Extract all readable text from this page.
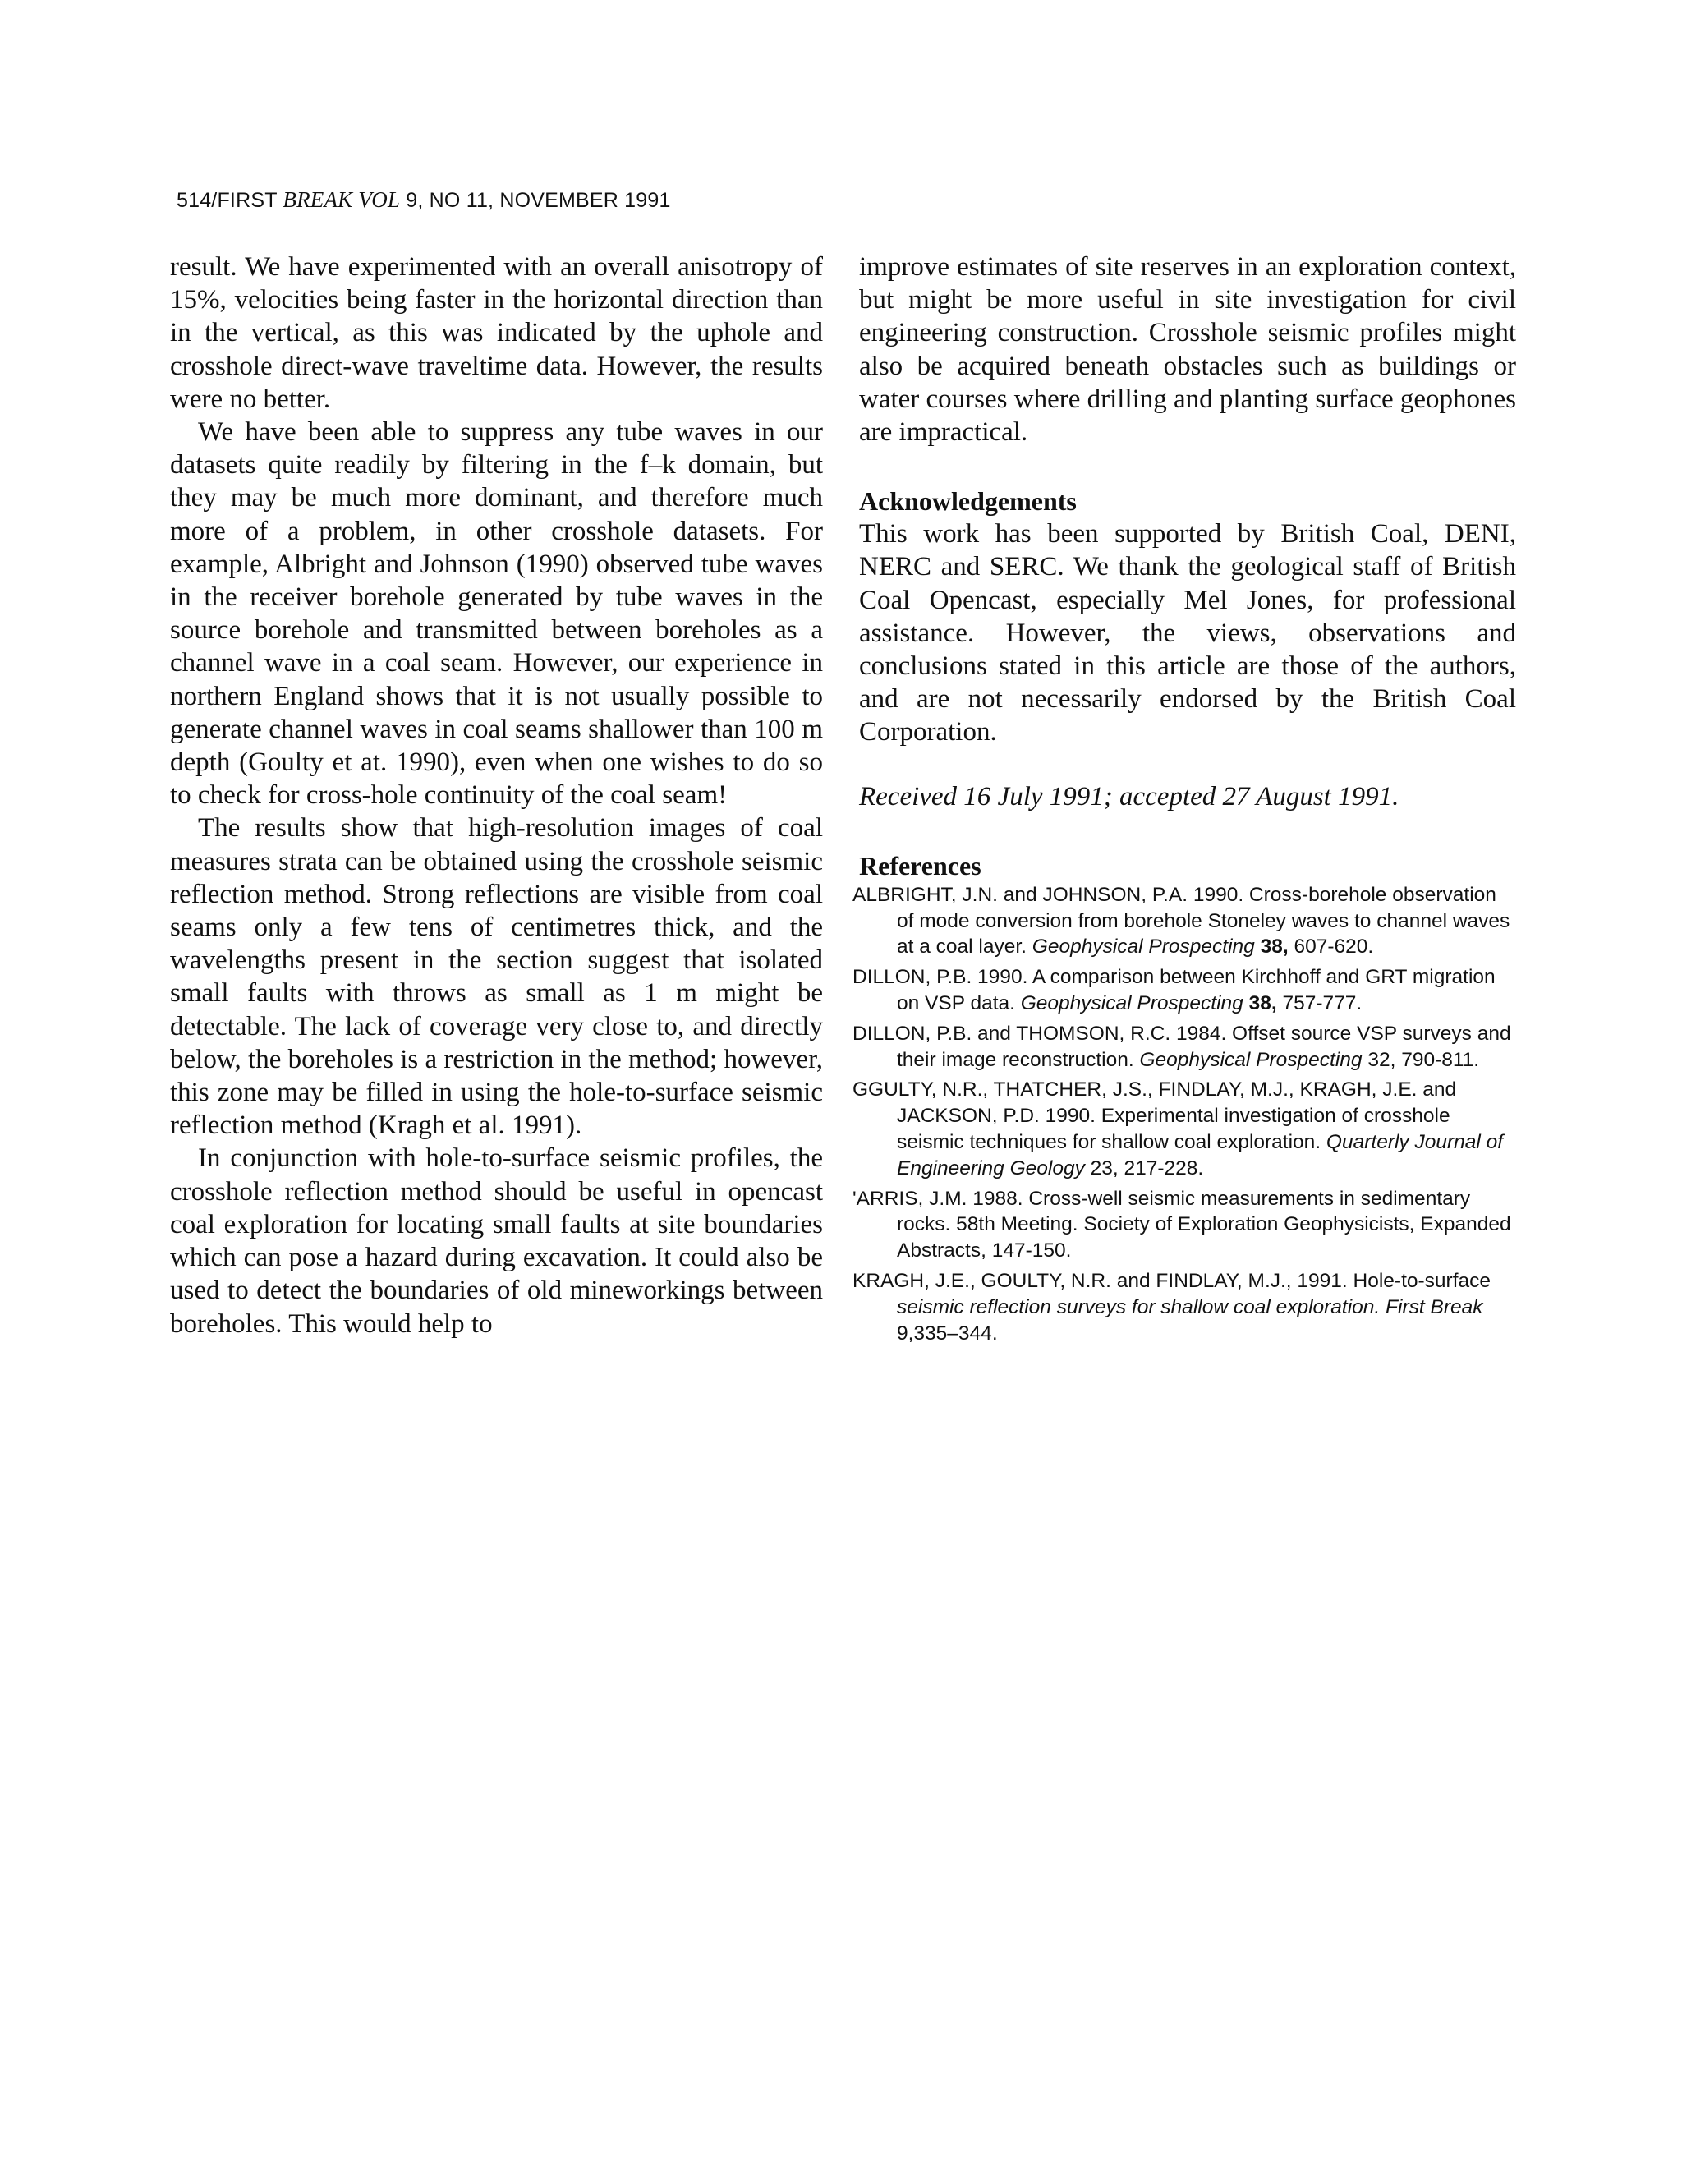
514/FIRST BREAK VOL 9, NO 11, NOVEMBER 1991

result. We have experimented with an overall anisotropy of 15%, velocities being faster in the horizontal direction than in the vertical, as this was indicated by the uphole and crosshole direct-wave traveltime data. However, the results were no better.

We have been able to suppress any tube waves in our datasets quite readily by filtering in the f–k domain, but they may be much more dominant, and therefore much more of a problem, in other crosshole datasets. For example, Albright and Johnson (1990) observed tube waves in the receiver borehole generated by tube waves in the source borehole and transmitted between boreholes as a channel wave in a coal seam. However, our experience in northern England shows that it is not usually possible to generate channel waves in coal seams shallower than 100 m depth (Goulty et at. 1990), even when one wishes to do so to check for cross-hole continuity of the coal seam!

The results show that high-resolution images of coal measures strata can be obtained using the crosshole seismic reflection method. Strong reflections are visible from coal seams only a few tens of centimetres thick, and the wavelengths present in the section suggest that isolated small faults with throws as small as 1 m might be detectable. The lack of coverage very close to, and directly below, the boreholes is a restriction in the method; however, this zone may be filled in using the hole-to-surface seismic reflection method (Kragh et al. 1991).

In conjunction with hole-to-surface seismic profiles, the crosshole reflection method should be useful in opencast coal exploration for locating small faults at site boundaries which can pose a hazard during excavation. It could also be used to detect the boundaries of old mineworkings between boreholes. This would help to

improve estimates of site reserves in an exploration context, but might be more useful in site investigation for civil engineering construction. Crosshole seismic profiles might also be acquired beneath obstacles such as buildings or water courses where drilling and planting surface geophones are impractical.

Acknowledgements

This work has been supported by British Coal, DENI, NERC and SERC. We thank the geological staff of British Coal Opencast, especially Mel Jones, for professional assistance. However, the views, observations and conclusions stated in this article are those of the authors, and are not necessarily endorsed by the British Coal Corporation.

Received 16 July 1991; accepted 27 August 1991.

References
ALBRIGHT, J.N. and JOHNSON, P.A. 1990. Cross-borehole observation of mode conversion from borehole Stoneley waves to channel waves at a coal layer. Geophysical Prospecting 38, 607-620.
DILLON, P.B. 1990. A comparison between Kirchhoff and GRT migration on VSP data. Geophysical Prospecting 38, 757-777.
DILLON, P.B. and THOMSON, R.C. 1984. Offset source VSP surveys and their image reconstruction. Geophysical Prospecting 32, 790-811.
GGULTY, N.R., THATCHER, J.S., FINDLAY, M.J., KRAGH, J.E. and JACKSON, P.D. 1990. Experimental investigation of crosshole seismic techniques for shallow coal exploration. Quarterly Journal of Engineering Geology 23, 217-228.
'ARRIS, J.M. 1988. Cross-well seismic measurements in sedimentary rocks. 58th Meeting. Society of Exploration Geophysicists, Expanded Abstracts, 147-150.
KRAGH, J.E., GOULTY, N.R. and FINDLAY, M.J., 1991. Hole-to-surface seismic reflection surveys for shallow coal exploration. First Break 9,335–344.
